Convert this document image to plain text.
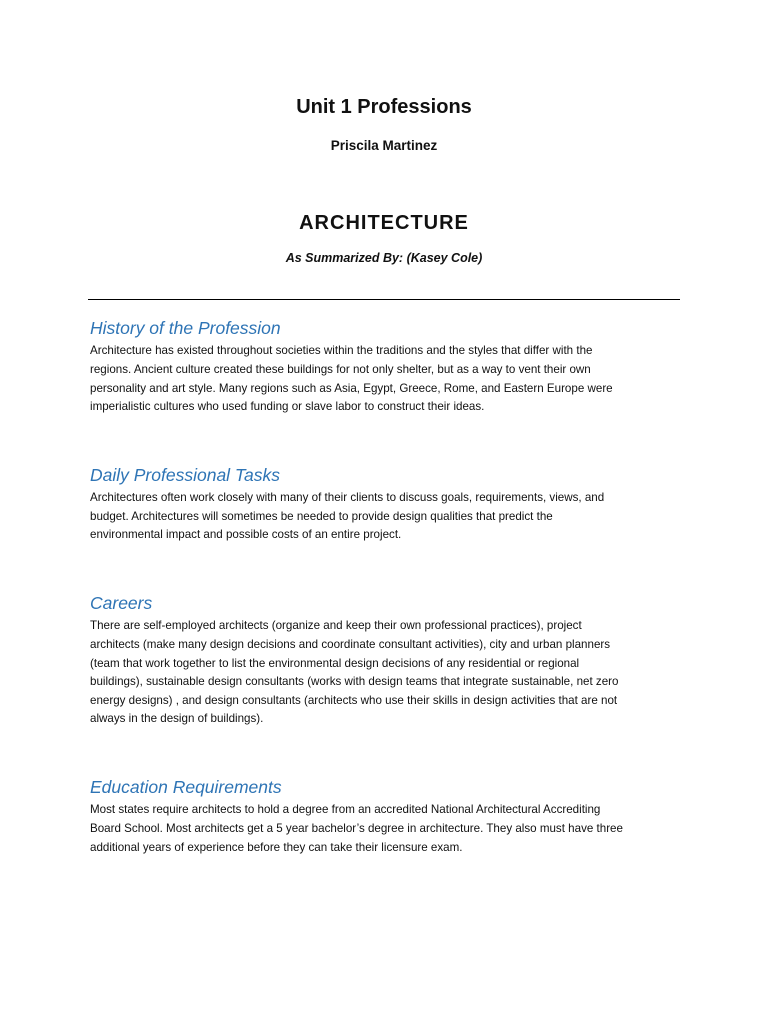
Unit 1 Professions
Priscila Martinez
ARCHITECTURE
As Summarized By: (Kasey Cole)
History of the Profession
Architecture has existed throughout societies within the traditions and the styles that differ with the
regions. Ancient culture created these buildings for not only shelter, but as a way to vent their own
personality and art style. Many regions such as Asia, Egypt, Greece, Rome, and Eastern Europe were
imperialistic cultures who used funding or slave labor to construct their ideas.
Daily Professional Tasks
Architectures often work closely with many of their clients to discuss goals, requirements, views, and
budget. Architectures will sometimes be needed to provide design qualities that predict the
environmental impact and possible costs of an entire project.
Careers
There are self-employed architects (organize and keep their own professional practices), project
architects (make many design decisions and coordinate consultant activities), city and urban planners
(team that work together to list the environmental design decisions of any residential or regional
buildings), sustainable design consultants (works with design teams that integrate sustainable, net zero
energy designs) , and design consultants (architects who use their skills in design activities that are not
always in the design of buildings).
Education Requirements
Most states require architects to hold a degree from an accredited National Architectural Accrediting
Board School. Most architects get a 5 year bachelor’s degree in architecture. They also must have three
additional years of experience before they can take their licensure exam.
